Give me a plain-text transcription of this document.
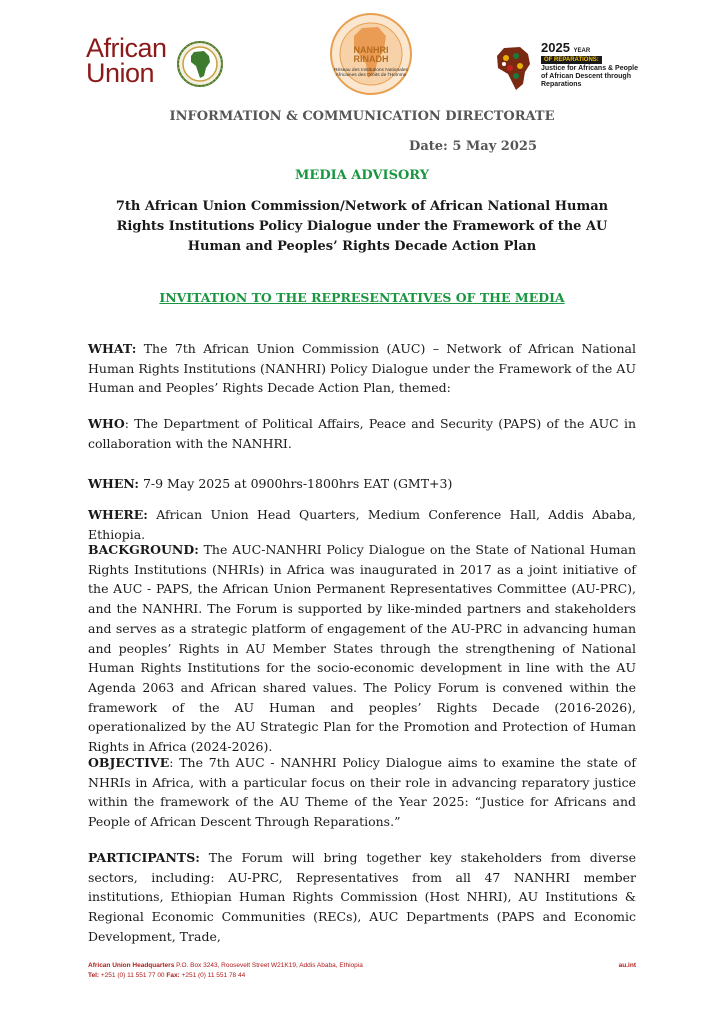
African
Union
NANHRI
RINADH
Réseau des Institutions Nationales Africaines des Droits de l'Homme
2025 YEAR
OF REPARATIONS:
Justice for Africans & People of African Descent through Reparations
INFORMATION & COMMUNICATION DIRECTORATE
Date: 5 May 2025
MEDIA ADVISORY
7th African Union Commission/Network of African National Human Rights Institutions Policy Dialogue under the Framework of the AU Human and Peoples’ Rights Decade Action Plan
INVITATION TO THE REPRESENTATIVES OF THE MEDIA
WHAT: The 7th African Union Commission (AUC) – Network of African National Human Rights Institutions (NANHRI) Policy Dialogue under the Framework of the AU Human and Peoples’ Rights Decade Action Plan, themed:
WHO: The Department of Political Affairs, Peace and Security (PAPS) of the AUC in collaboration with the NANHRI.
WHEN: 7-9 May 2025 at 0900hrs-1800hrs EAT (GMT+3)
WHERE: African Union Head Quarters, Medium Conference Hall, Addis Ababa, Ethiopia.
BACKGROUND: The AUC-NANHRI Policy Dialogue on the State of National Human Rights Institutions (NHRIs) in Africa was inaugurated in 2017 as a joint initiative of the AUC - PAPS, the African Union Permanent Representatives Committee (AU-PRC), and the NANHRI. The Forum is supported by like-minded partners and stakeholders and serves as a strategic platform of engagement of the AU-PRC in advancing human and peoples’ Rights in AU Member States through the strengthening of National Human Rights Institutions for the socio-economic development in line with the AU Agenda 2063 and African shared values. The Policy Forum is convened within the framework of the AU Human and peoples’ Rights Decade (2016-2026), operationalized by the AU Strategic Plan for the Promotion and Protection of Human Rights in Africa (2024-2026).
OBJECTIVE: The 7th AUC - NANHRI Policy Dialogue aims to examine the state of NHRIs in Africa, with a particular focus on their role in advancing reparatory justice within the framework of the AU Theme of the Year 2025: “Justice for Africans and People of African Descent Through Reparations.”
PARTICIPANTS: The Forum will bring together key stakeholders from diverse sectors, including: AU-PRC, Representatives from all 47 NANHRI member institutions, Ethiopian Human Rights Commission (Host NHRI), AU Institutions & Regional Economic Communities (RECs), AUC Departments (PAPS and Economic Development, Trade,
African Union Headquarters P.O. Box 3243, Roosevelt Street W21K19, Addis Ababa, Ethiopia
Tel: +251 (0) 11 551 77 00 Fax: +251 (0) 11 551 78 44
au.int
